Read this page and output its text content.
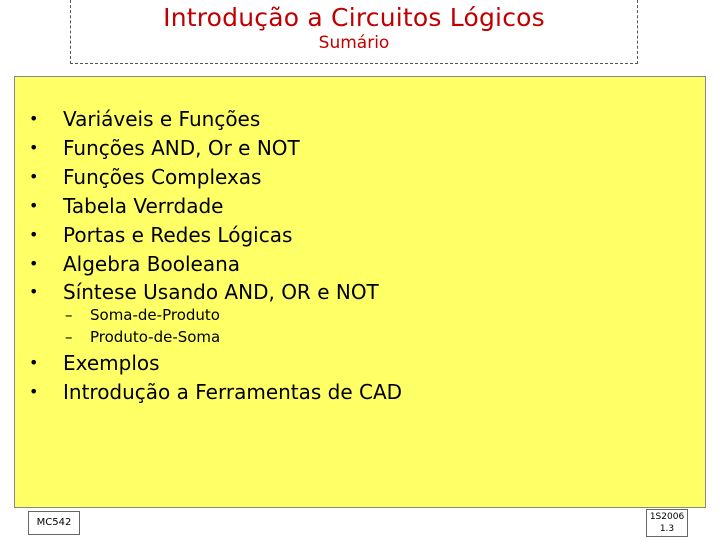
Introdução a Circuitos Lógicos
Sumário
• Variáveis e Funções
• Funções AND, Or e NOT
• Funções Complexas
• Tabela Verrdade
• Portas e Redes Lógicas
• Algebra Booleana
• Síntese Usando AND, OR e NOT
– Soma-de-Produto
– Produto-de-Soma
• Exemplos
• Introdução a Ferramentas de CAD
MC542	1S2006
1.3
